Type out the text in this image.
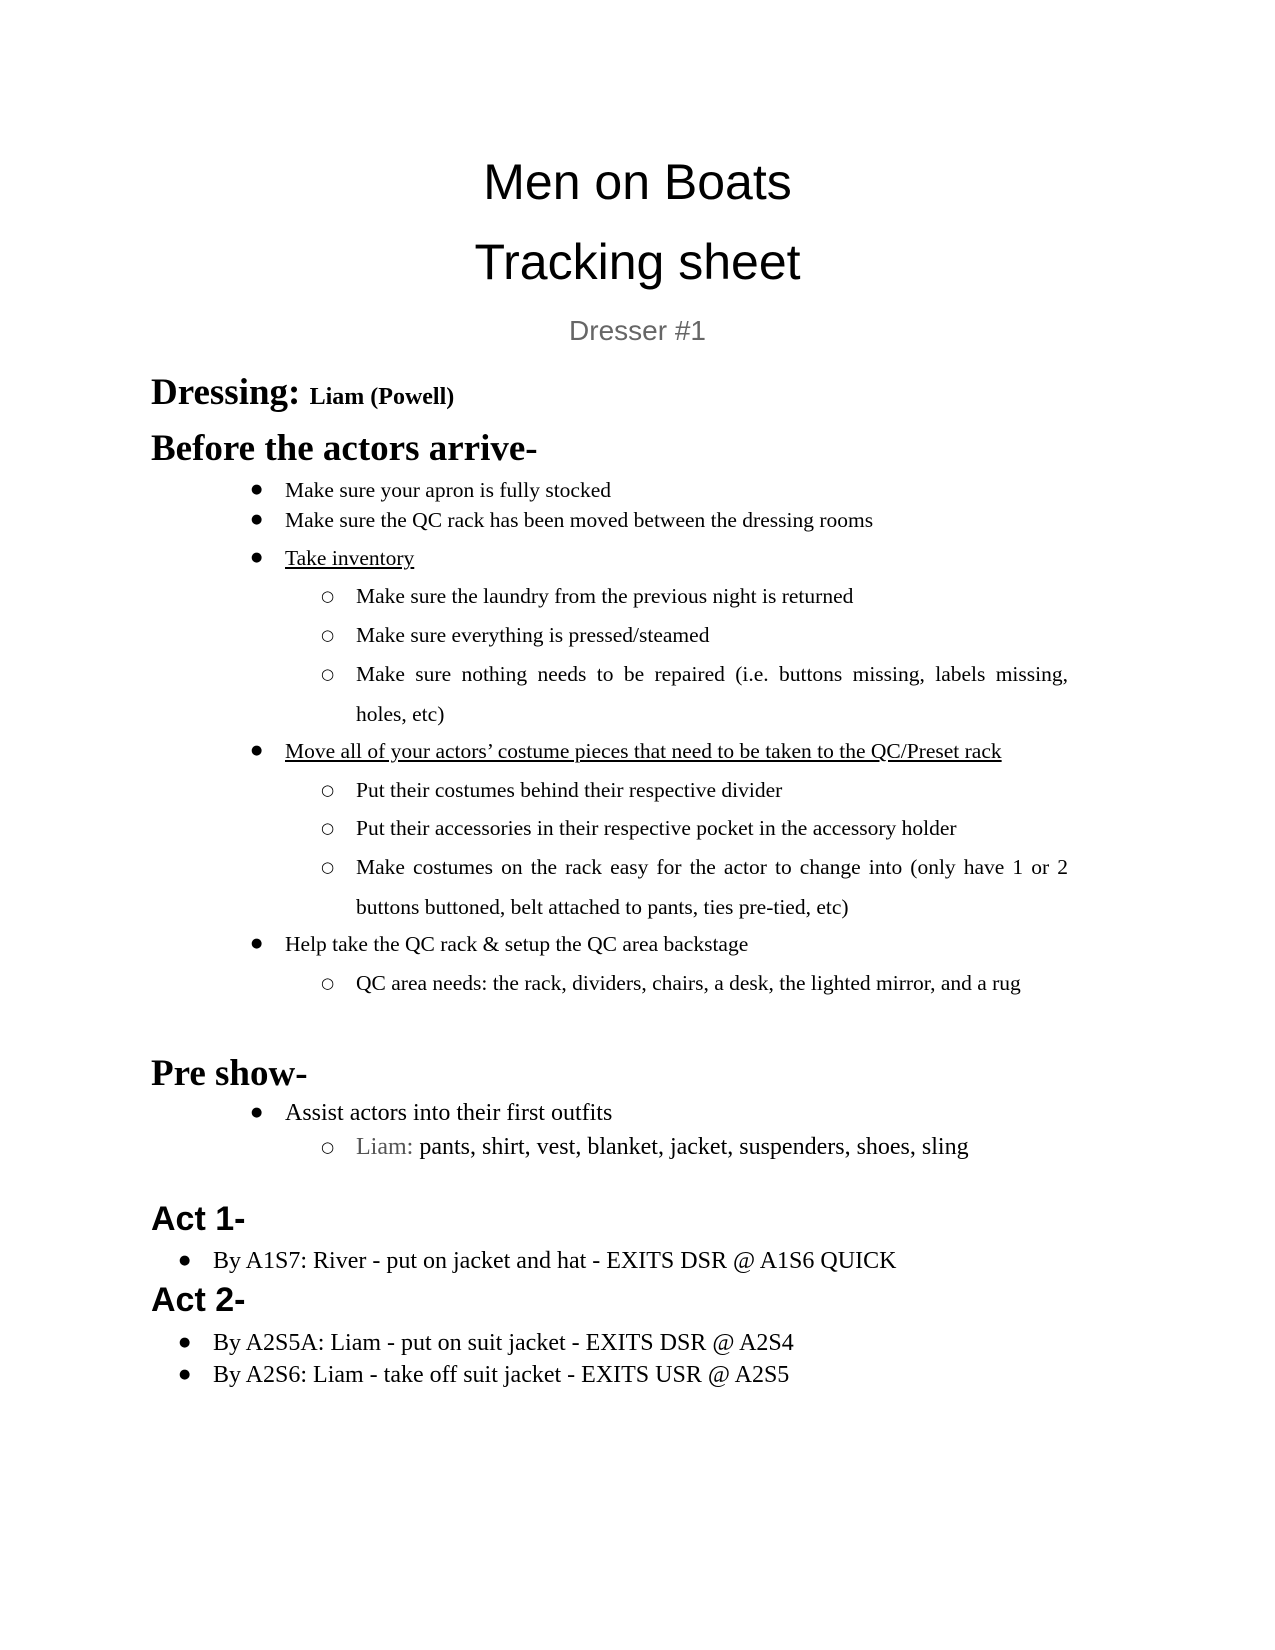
Men on Boats
Tracking sheet
Dresser #1
Dressing: Liam (Powell)
Before the actors arrive-
● Make sure your apron is fully stocked
● Make sure the QC rack has been moved between the dressing rooms
● Take inventory
○ Make sure the laundry from the previous night is returned
○ Make sure everything is pressed/steamed
○ Make sure nothing needs to be repaired (i.e. buttons missing, labels missing, holes, etc)
● Move all of your actors’ costume pieces that need to be taken to the QC/Preset rack
○ Put their costumes behind their respective divider
○ Put their accessories in their respective pocket in the accessory holder
○ Make costumes on the rack easy for the actor to change into (only have 1 or 2 buttons buttoned, belt attached to pants, ties pre-tied, etc)
● Help take the QC rack & setup the QC area backstage
○ QC area needs: the rack, dividers, chairs, a desk, the lighted mirror, and a rug
Pre show-
● Assist actors into their first outfits
○ Liam: pants, shirt, vest, blanket, jacket, suspenders, shoes, sling
Act 1-
● By A1S7: River - put on jacket and hat - EXITS DSR @ A1S6 QUICK
Act 2-
● By A2S5A: Liam - put on suit jacket - EXITS DSR @ A2S4
● By A2S6: Liam - take off suit jacket - EXITS USR @ A2S5
